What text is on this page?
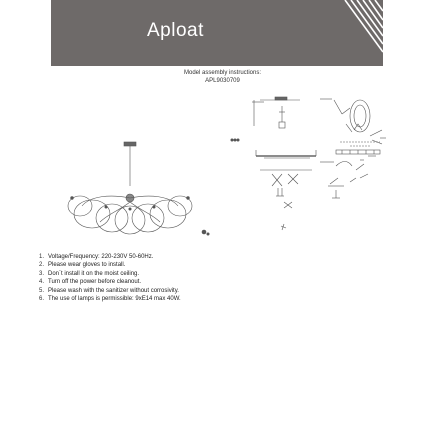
Aploat
Model assembly instructions:
APL9030709
1. Voltage/Frequency: 220-230V 50-60Hz.
2. Please wear gloves to install.
3. Don`t install it on the moist ceiling.
4. Turn off the power before cleanout.
5. Please wash with the sanitizer without corrosivity.
6. The use of lamps is permissible: 9xE14 max 40W.
